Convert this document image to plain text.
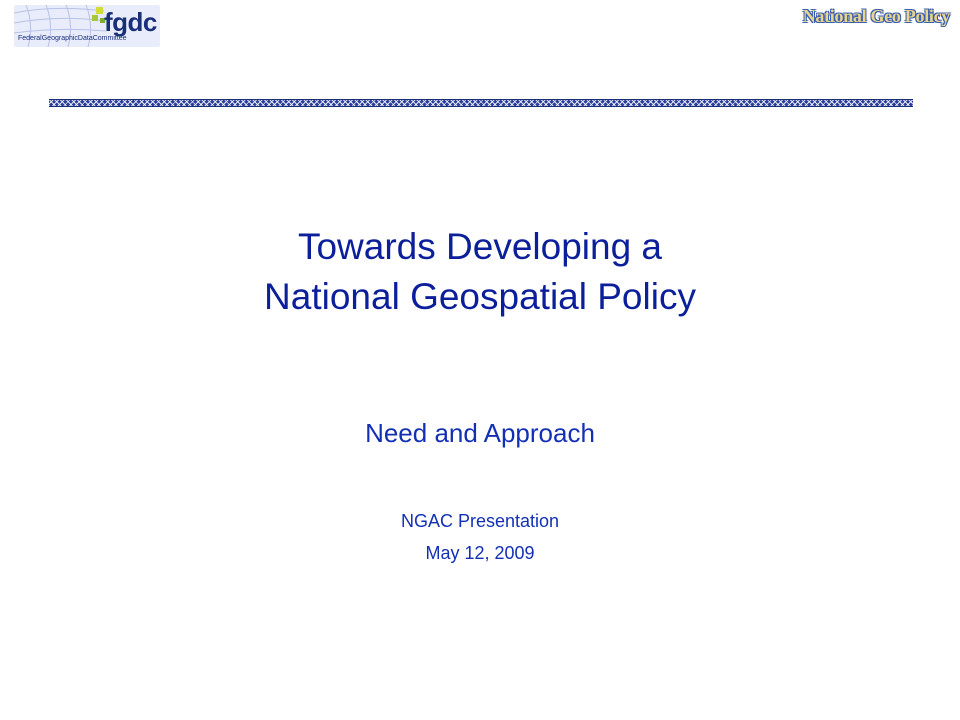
fgdc
FederalGeographicDataCommittee
National Geo Policy
Towards Developing a
National Geospatial Policy
Need and Approach
NGAC Presentation
May 12, 2009
